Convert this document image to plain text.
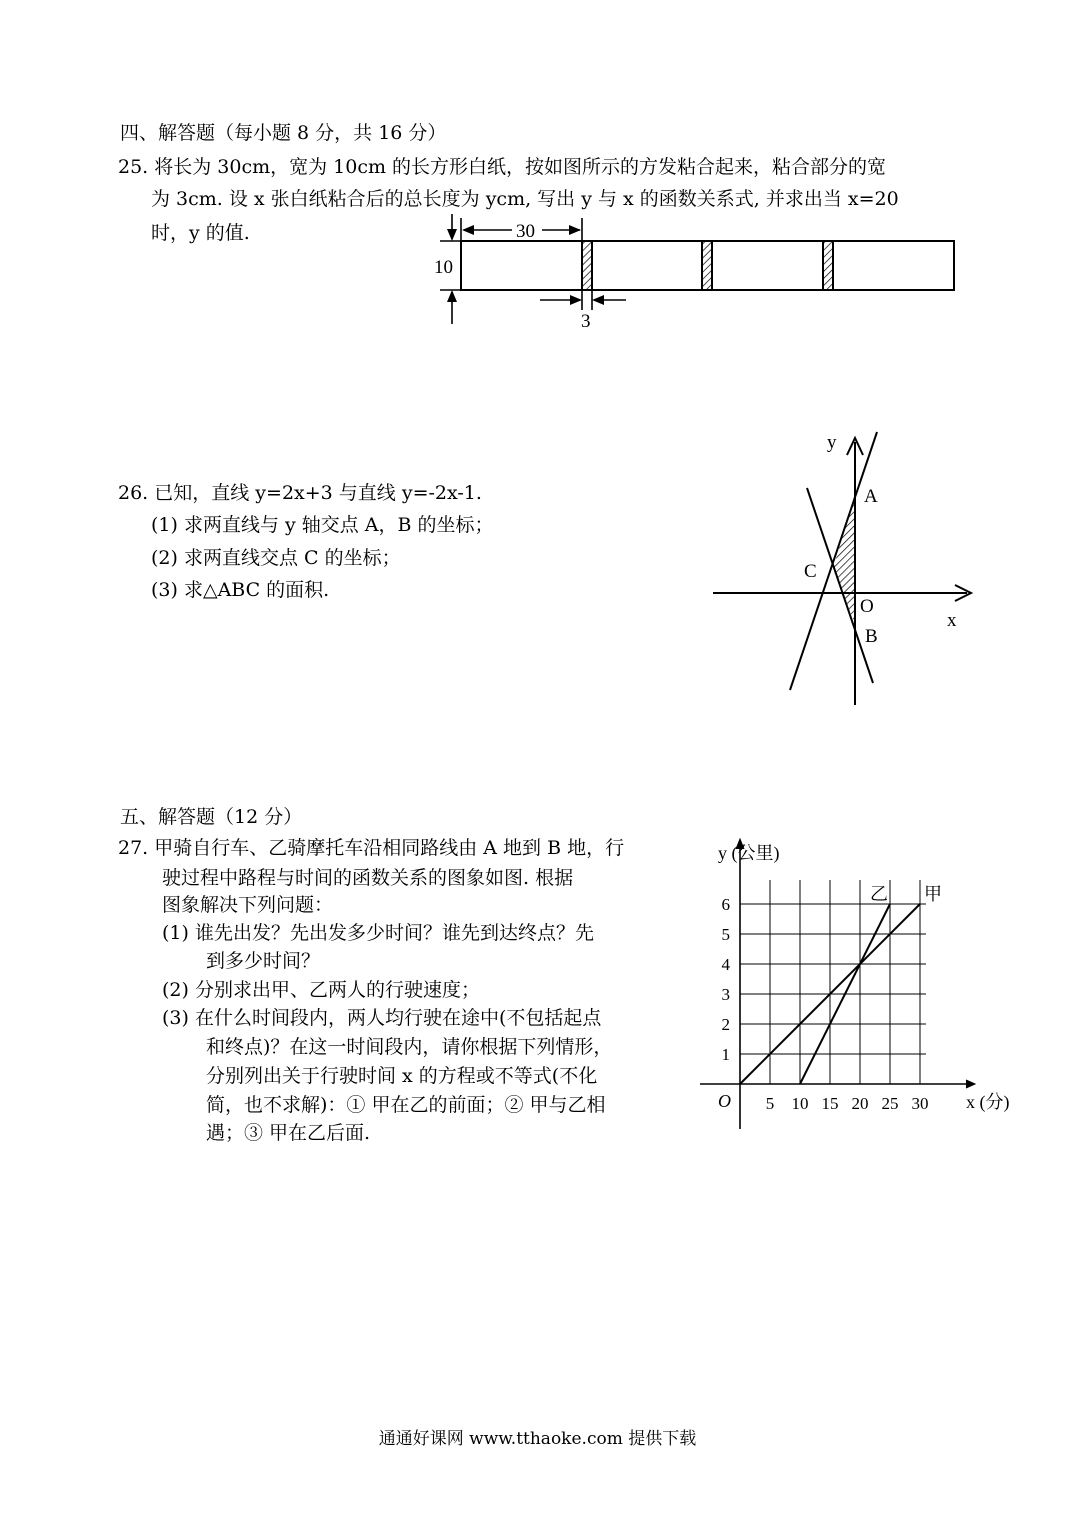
四、解答题（每小题 8 分，共 16 分）
25. 将长为 30cm，宽为 10cm 的长方形白纸，按如图所示的方发粘合起来，粘合部分的宽
为 3cm. 设 x 张白纸粘合后的总长度为 ycm, 写出 y 与 x 的函数关系式, 并求出当 x=20
时，y 的值.
10
30
3
26. 已知，直线 y=2x+3 与直线 y=-2x-1.
(1) 求两直线与 y 轴交点 A，B 的坐标；
(2) 求两直线交点 C 的坐标；
(3) 求△ABC 的面积.
y
x
A
C
O
B
五、解答题（12 分）
27. 甲骑自行车、乙骑摩托车沿相同路线由 A 地到 B 地，行
驶过程中路程与时间的函数关系的图象如图. 根据
图象解决下列问题：
(1) 谁先出发？先出发多少时间？谁先到达终点？先
到多少时间？
(2) 分别求出甲、乙两人的行驶速度；
(3) 在什么时间段内，两人均行驶在途中(不包括起点
和终点)？在这一时间段内，请你根据下列情形，
分别列出关于行驶时间 x 的方程或不等式(不化
简，也不求解)：① 甲在乙的前面；② 甲与乙相
遇；③ 甲在乙后面.
5 10 15 20 25 30
1
2
3
4
5
6
甲
乙
y (公里)
x (分)
O
通通好课网 www.tthaoke.com 提供下载
